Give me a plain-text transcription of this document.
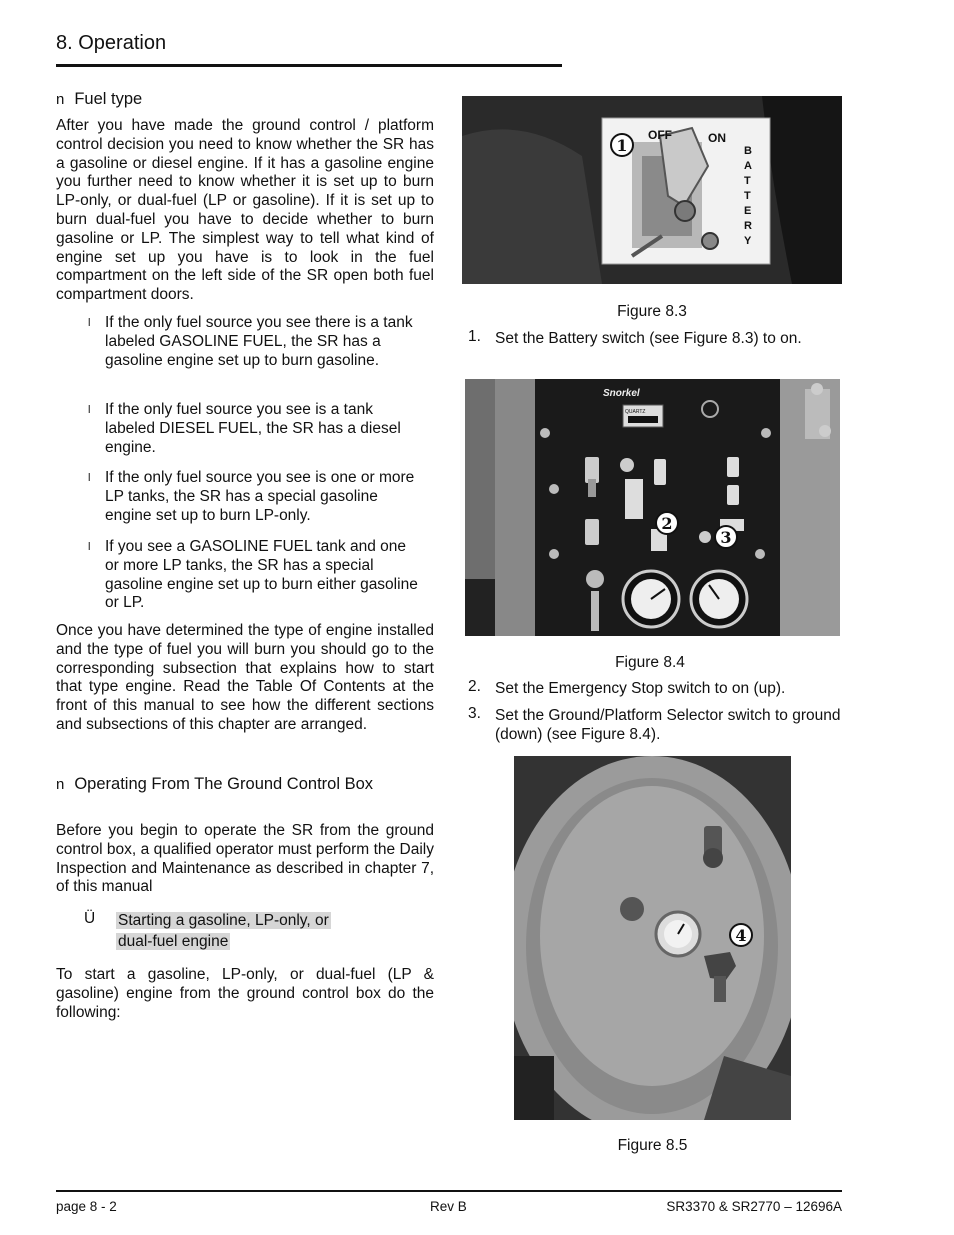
8. Operation
n Fuel type
After you have made the ground control / platform control decision you need to know whether the SR has a gasoline or diesel engine. If it has a gasoline engine you further need to know whether it is set up to burn LP-only, or dual-fuel (LP or gasoline). If it is set up to burn dual-fuel you have to decide whether to burn gasoline or LP. The simplest way to tell what kind of engine set up you have is to look in the fuel compartment on the left side of the SR open both fuel compartment doors.
l If the only fuel source you see there is a tank labeled GASOLINE FUEL, the SR has a gasoline engine set up to burn gasoline.
l If the only fuel source you see is a tank labeled DIESEL FUEL, the SR has a diesel engine.
l If the only fuel source you see is one or more LP tanks, the SR has a special gasoline engine set up to burn LP-only.
l If you see a GASOLINE FUEL tank and one or more LP tanks, the SR has a special gasoline engine set up to burn either gasoline or LP.
Once you have determined the type of engine installed and the type of fuel you will burn you should go to the corresponding subsection that explains how to start that type engine. Read the Table Of Contents at the front of this manual to see how the different sections and subsections of this chapter are arranged.
n Operating From The Ground Control Box
Before you begin to operate the SR from the ground control box, a qualified operator must perform the Daily Inspection and Maintenance as described in chapter 7, of this manual
Ü Starting a gasoline, LP-only, or
dual-fuel engine
To start a gasoline, LP-only, or dual-fuel (LP & gasoline) engine from the ground control box do the following:
OFF	ON
B
A
T
T
E
R
Y
1
Figure 8.3
1. Set the Battery switch (see Figure 8.3) to on.
Snorkel
QUARTZ
2
3
Figure 8.4
2. Set the Emergency Stop switch to on (up).
3. Set the Ground/Platform Selector switch to ground (down) (see Figure 8.4).
4
Figure 8.5
page 8 - 2	Rev B	SR3370 & SR2770 – 12696A
